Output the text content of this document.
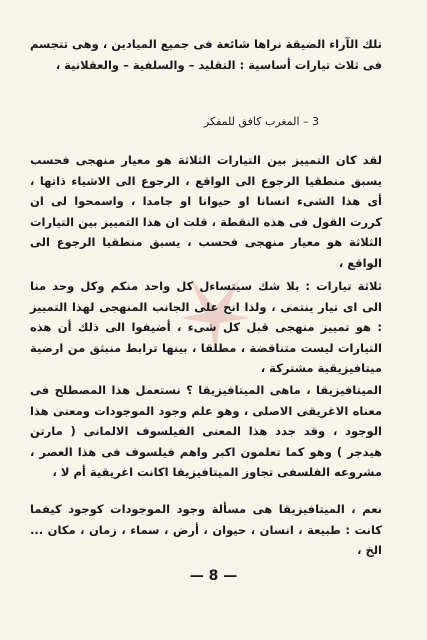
تلك الآراء الضيقة نراها شائعة فى جميع الميادين ، وهى تتجسم فى ثلاث تيارات أساسية : التقليد – والسلفية – والعقلانية ،
3 – المغرب كافق للمفكر
لقد كان التمييز بين التيارات الثلاثة هو معيار منهجى فحسب يسبق منطقيا الرجوع الى الواقع ، الرجوع الى الاشياء ذاتها ، أى هذا الشىء انسانا او حيوانا او جامدا ، واسمحوا لى ان كررت القول فى هذه النقطة ، قلت ان هذا التمييز بين التيارات الثلاثة هو معيار منهجى فحسب ، يسبق منطقيا الرجوع الى الواقع ،
ثلاثة تيارات : بلا شك سيتساءل كل واحد منكم وكل وحد منا الى اى تيار ينتمى ، ولذا انح على الجانب المنهجى لهذا التمييز : هو تمييز منهجى قبل كل شىء ، أضيفوا الى ذلك أن هذه التيارات ليست متناقضة ، مطلقا ، بينها ترابط منبثق من ارضية ميتافيزيقية مشتركة ،
الميتافيزيقا ، ماهى الميتافيزيقا ؟ نستعمل هذا المصطلح فى معناه الاغريقى الاصلى ، وهو علم وجود الموجودات ومعنى هذا الوجود ، وقد جدد هذا المعنى الفيلسوف الالمانى ( مارتن هيدجر ) وهو كما تعلمون اكبر واهم فيلسوف فى هذا العصر ، مشروعه الفلسفى تجاوز الميتافيزيقا اكانت اغريقية أم لا ،
نعم ، الميتافيزيقا هى مسألة وجود الموجودات كوجود كيفما كانت : طبيعة ، انسان ، حيوان ، أرض ، سماء ، زمان ، مكان ... الخ ،
— 8 —
